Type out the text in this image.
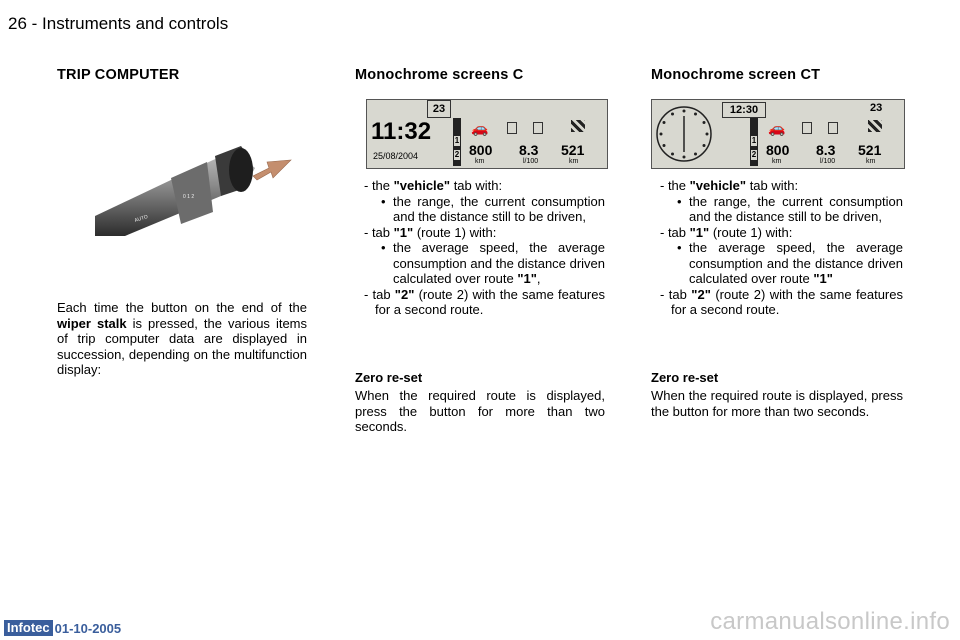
26 - Instruments and controls
TRIP COMPUTER
AUTO
0 1 2
Each time the button on the end of the wiper stalk is pressed, the various items of trip computer data are displayed in succession, depending on the multifunction display:
Monochrome screens C
23
11:32
25/08/2004
1
2
🚗
800 8.3 521
km	l/100	km
- the "vehicle" tab with:
• the range, the current consumption and the distance still to be driven,
- tab "1" (route 1) with:
• the average speed, the average consumption and the distance driven calculated over route "1",
- tab "2" (route 2) with the same features for a second route.
Zero re-set
When the required route is displayed, press the button for more than two seconds.
Monochrome screen CT
12:30	23
1
2
🚗
800 8.3 521
km	l/100	km
- the "vehicle" tab with:
• the range, the current consumption and the distance still to be driven,
- tab "1" (route 1) with:
• the average speed, the average consumption and the distance driven calculated over route "1"
- tab "2" (route 2) with the same features for a second route.
Zero re-set
When the required route is displayed, press the button for more than two seconds.
Infotec 01-10-2005	carmanualsonline.info
